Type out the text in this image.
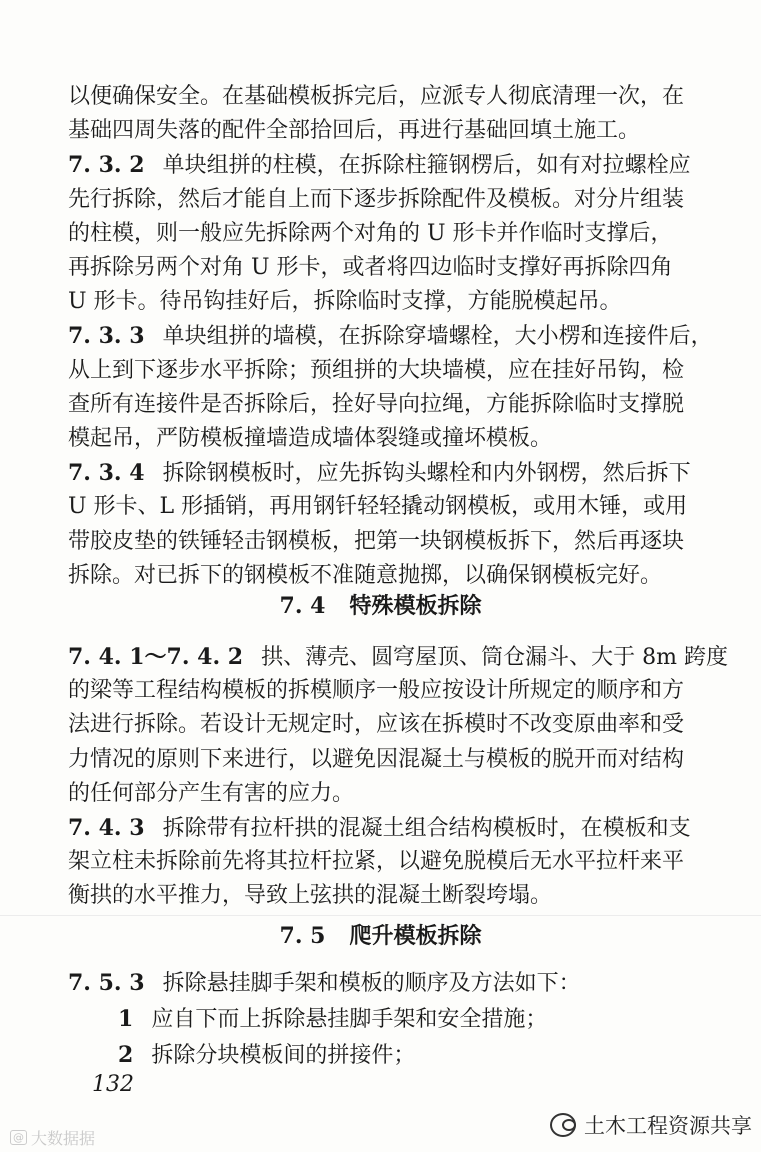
以便确保安全。在基础模板拆完后，应派专人彻底清理一次，在
基础四周失落的配件全部拾回后，再进行基础回填土施工。
7. 3. 2 单块组拼的柱模，在拆除柱箍钢楞后，如有对拉螺栓应
先行拆除，然后才能自上而下逐步拆除配件及模板。对分片组装
的柱模，则一般应先拆除两个对角的 U 形卡并作临时支撑后，
再拆除另两个对角 U 形卡，或者将四边临时支撑好再拆除四角
U 形卡。待吊钩挂好后，拆除临时支撑，方能脱模起吊。
7. 3. 3 单块组拼的墙模，在拆除穿墙螺栓，大小楞和连接件后，
从上到下逐步水平拆除；预组拼的大块墙模，应在挂好吊钩，检
查所有连接件是否拆除后，拴好导向拉绳，方能拆除临时支撑脱
模起吊，严防模板撞墙造成墙体裂缝或撞坏模板。
7. 3. 4 拆除钢模板时，应先拆钩头螺栓和内外钢楞，然后拆下
U 形卡、L 形插销，再用钢钎轻轻撬动钢模板，或用木锤，或用
带胶皮垫的铁锤轻击钢模板，把第一块钢模板拆下，然后再逐块
拆除。对已拆下的钢模板不准随意抛掷，以确保钢模板完好。
7. 4 特殊模板拆除
7. 4. 1～7. 4. 2 拱、薄壳、圆穹屋顶、筒仓漏斗、大于 8m 跨度
的梁等工程结构模板的拆模顺序一般应按设计所规定的顺序和方
法进行拆除。若设计无规定时，应该在拆模时不改变原曲率和受
力情况的原则下来进行，以避免因混凝土与模板的脱开而对结构
的任何部分产生有害的应力。
7. 4. 3 拆除带有拉杆拱的混凝土组合结构模板时，在模板和支
架立柱未拆除前先将其拉杆拉紧，以避免脱模后无水平拉杆来平
衡拱的水平推力，导致上弦拱的混凝土断裂垮塌。
7. 5 爬升模板拆除
7. 5. 3 拆除悬挂脚手架和模板的顺序及方法如下：
1 应自下而上拆除悬挂脚手架和安全措施；
2 拆除分块模板间的拼接件；
132
土木工程资源共享
@ 大数据据
